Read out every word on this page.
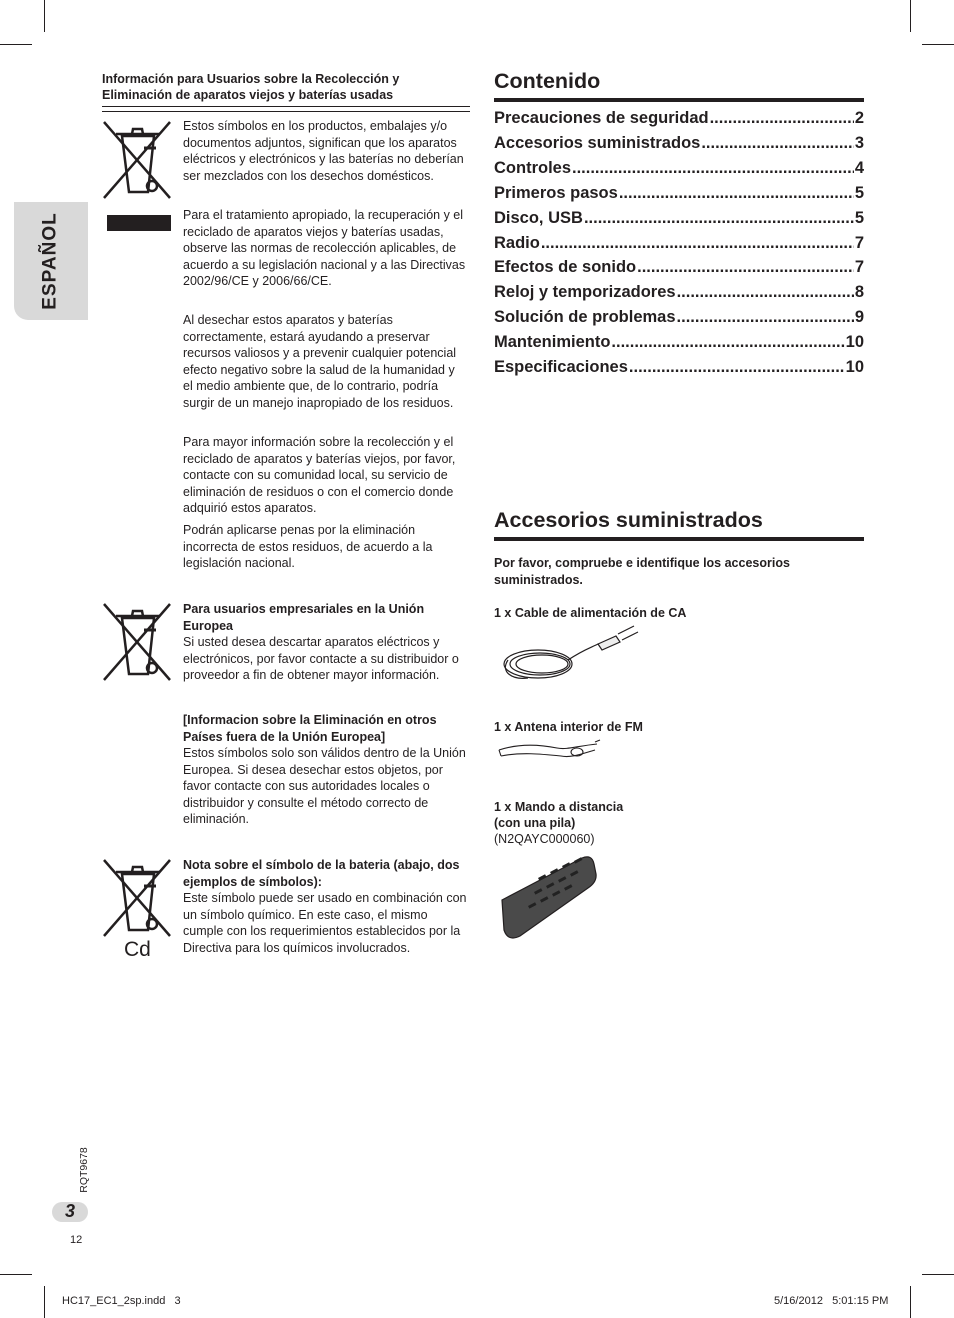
ESPAÑOL
Información para Usuarios sobre la Recolección y
Eliminación de aparatos viejos y baterías usadas
Estos símbolos en los productos, embalajes y/o documentos adjuntos, significan que los aparatos eléctricos y electrónicos y las baterías no deberían ser mezclados con los desechos domésticos.
Para el tratamiento apropiado, la recuperación y el reciclado de aparatos viejos y baterías usadas, observe las normas de recolección aplicables, de acuerdo a su legislación nacional y a las Directivas 2002/96/CE y 2006/66/CE.
Al desechar estos aparatos y baterías correctamente, estará ayudando a preservar recursos valiosos y a prevenir cualquier potencial efecto negativo sobre la salud de la humanidad y el medio ambiente que, de lo contrario, podría surgir de un manejo inapropiado de los residuos.
Para mayor información sobre la recolección y el reciclado de aparatos y baterías viejos, por favor, contacte con su comunidad local, su servicio de eliminación de residuos o con el comercio donde adquirió estos aparatos.
Podrán aplicarse penas por la eliminación incorrecta de estos residuos, de acuerdo a la legislación nacional.
Para usuarios empresariales en la Unión Europea
Si usted desea descartar aparatos eléctricos y electrónicos, por favor contacte a su distribuidor o proveedor a fin de obtener mayor información.
[Informacion sobre la Eliminación en otros Países fuera de la Unión Europea]
Estos símbolos solo son válidos dentro de la Unión Europea. Si desea desechar estos objetos, por favor contacte con sus autoridades locales o distribuidor y consulte el método correcto de eliminación.
Cd
Nota sobre el símbolo de la bateria (abajo, dos ejemplos de símbolos):
Este símbolo puede ser usado en combinación con un símbolo químico. En este caso, el mismo cumple con los requerimientos establecidos por la Directiva para los químicos involucrados.
Contenido
Precauciones de seguridad .....	2
Accesorios suministrados .....	3
Controles .....	4
Primeros pasos .....	5
Disco, USB .....	5
Radio .....	7
Efectos de sonido .....	7
Reloj y temporizadores .....	8
Solución de problemas .....	9
Mantenimiento .....	10
Especificaciones .....	10
Accesorios suministrados
Por favor, compruebe e identifique los accesorios suministrados.
1 x Cable de alimentación de CA
1 x Antena interior de FM
1 x Mando a distancia
(con una pila)
(N2QAYC000060)
RQT9678
3
12
HC17_EC1_2sp.indd   3	5/16/2012   5:01:15 PM
